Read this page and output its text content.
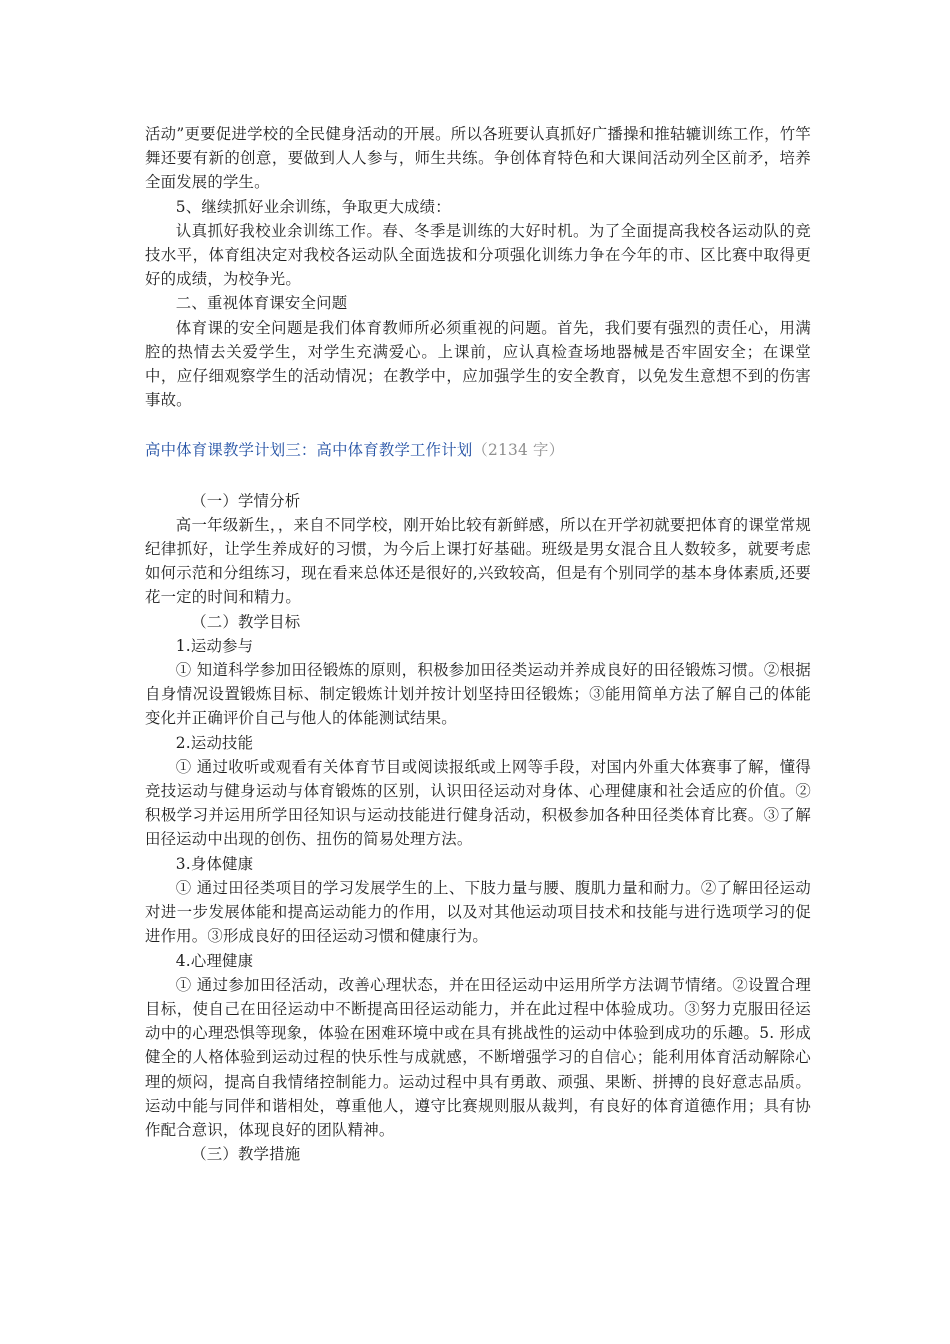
活动”更要促进学校的全民健身活动的开展。所以各班要认真抓好广播操和推轱辘训练工作，竹竿舞还要有新的创意，要做到人人参与，师生共练。争创体育特色和大课间活动列全区前矛，培养全面发展的学生。

5、继续抓好业余训练，争取更大成绩：

认真抓好我校业余训练工作。春、冬季是训练的大好时机。为了全面提高我校各运动队的竞技水平，体育组决定对我校各运动队全面选拔和分项强化训练力争在今年的市、区比赛中取得更好的成绩，为校争光。

二、重视体育课安全问题

体育课的安全问题是我们体育教师所必须重视的问题。首先，我们要有强烈的责任心，用满腔的热情去关爱学生，对学生充满爱心。上课前，应认真检查场地器械是否牢固安全；在课堂中，应仔细观察学生的活动情况；在教学中，应加强学生的安全教育，以免发生意想不到的伤害事故。

高中体育课教学计划三：高中体育教学工作计划（2134 字）

（一）学情分析

高一年级新生，，来自不同学校，刚开始比较有新鲜感，所以在开学初就要把体育的课堂常规纪律抓好，让学生养成好的习惯，为今后上课打好基础。班级是男女混合且人数较多，就要考虑如何示范和分组练习，现在看来总体还是很好的,兴致较高，但是有个别同学的基本身体素质,还要花一定的时间和精力。

（二）教学目标

1.运动参与

① 知道科学参加田径锻炼的原则，积极参加田径类运动并养成良好的田径锻炼习惯。②根据自身情况设置锻炼目标、制定锻炼计划并按计划坚持田径锻炼；③能用简单方法了解自己的体能变化并正确评价自己与他人的体能测试结果。

2.运动技能

① 通过收听或观看有关体育节目或阅读报纸或上网等手段，对国内外重大体赛事了解，懂得竞技运动与健身运动与体育锻炼的区别，认识田径运动对身体、心理健康和社会适应的价值。②积极学习并运用所学田径知识与运动技能进行健身活动，积极参加各种田径类体育比赛。③了解田径运动中出现的创伤、扭伤的简易处理方法。

3.身体健康

① 通过田径类项目的学习发展学生的上、下肢力量与腰、腹肌力量和耐力。②了解田径运动对进一步发展体能和提高运动能力的作用，以及对其他运动项目技术和技能与进行选项学习的促进作用。③形成良好的田径运动习惯和健康行为。

4.心理健康

① 通过参加田径活动，改善心理状态，并在田径运动中运用所学方法调节情绪。②设置合理目标，使自己在田径运动中不断提高田径运动能力，并在此过程中体验成功。③努力克服田径运动中的心理恐惧等现象，体验在困难环境中或在具有挑战性的运动中体验到成功的乐趣。5. 形成健全的人格体验到运动过程的快乐性与成就感，不断增强学习的自信心；能利用体育活动解除心理的烦闷，提高自我情绪控制能力。运动过程中具有勇敢、顽强、果断、拼搏的良好意志品质。运动中能与同伴和谐相处，尊重他人，遵守比赛规则服从裁判，有良好的体育道德作用；具有协作配合意识，体现良好的团队精神。

（三）教学措施
